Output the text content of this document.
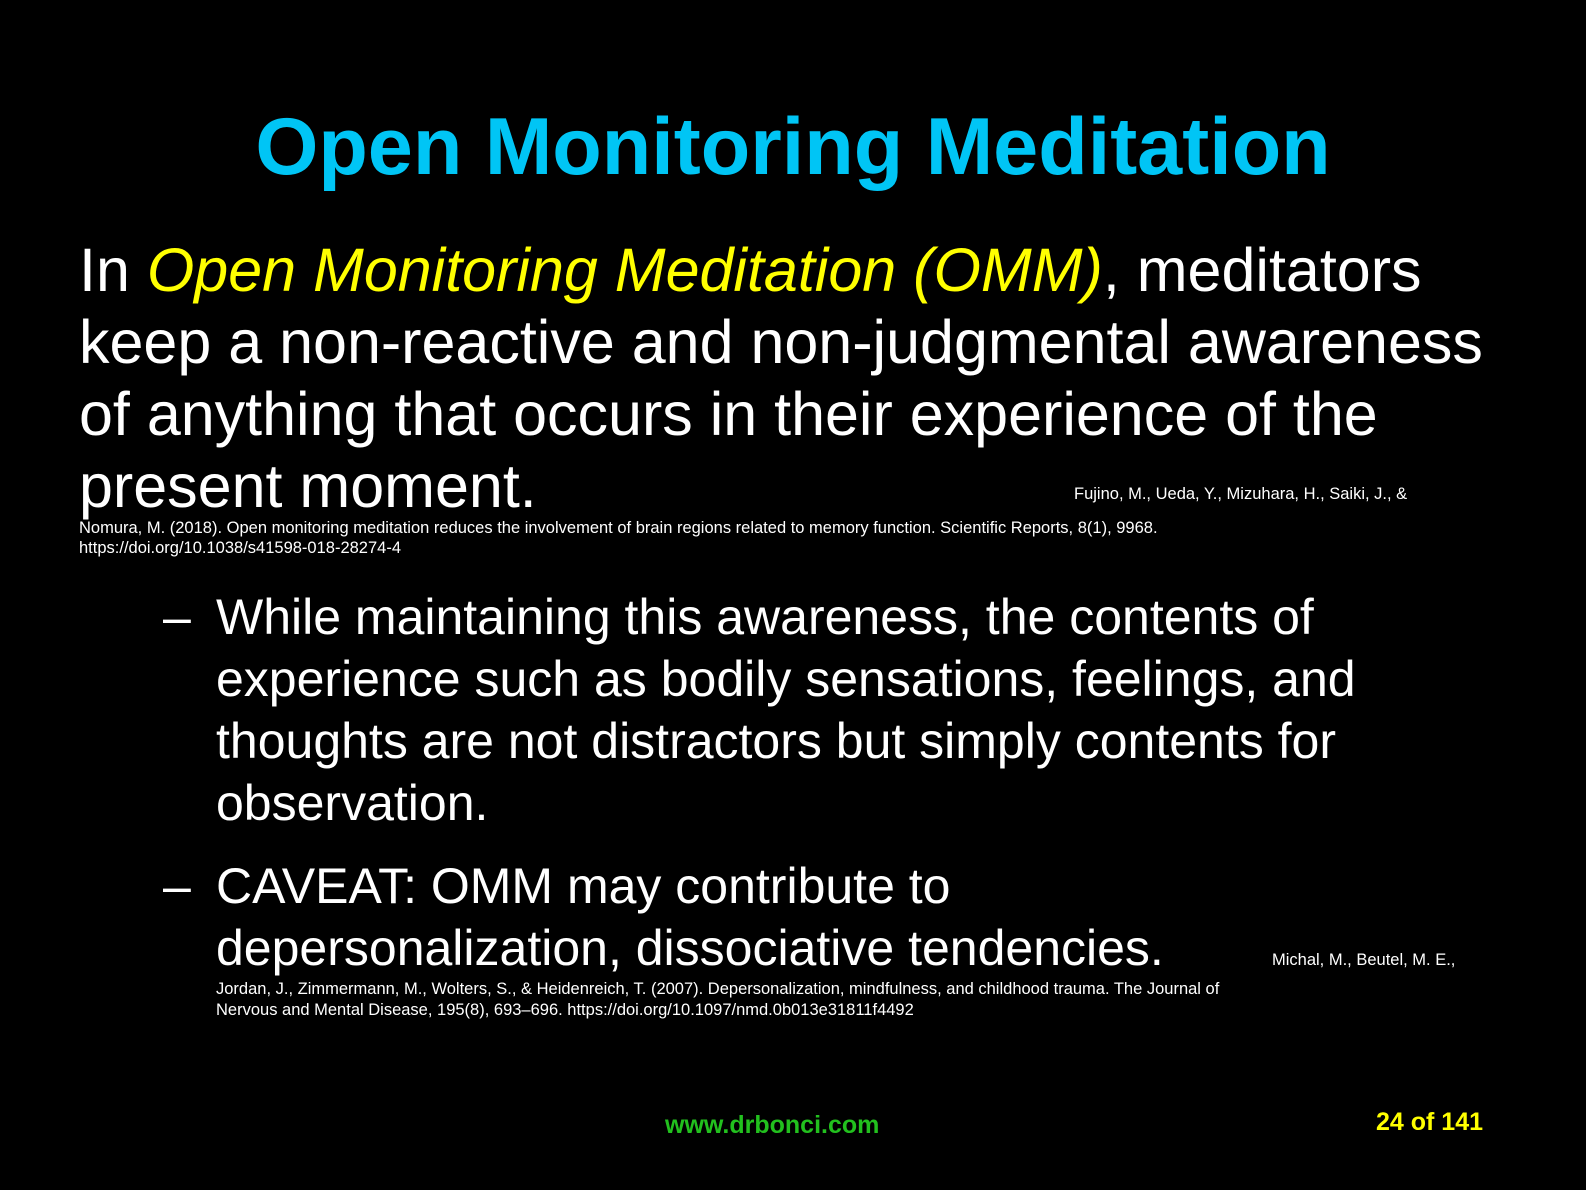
Open Monitoring Meditation
In Open Monitoring Meditation (OMM), meditators keep a non-reactive and non-judgmental awareness of anything that occurs in their experience of the present moment.	Fujino, M., Ueda, Y., Mizuhara, H., Saiki, J., &
Nomura, M. (2018). Open monitoring meditation reduces the involvement of brain regions related to memory function. Scientific Reports, 8(1), 9968.
https://doi.org/10.1038/s41598-018-28274-4
– While maintaining this awareness, the contents of experience such as bodily sensations, feelings, and thoughts are not distractors but simply contents for observation.
– CAVEAT: OMM may contribute to
depersonalization, dissociative tendencies.	Michal, M., Beutel, M. E.,
Jordan, J., Zimmermann, M., Wolters, S., & Heidenreich, T. (2007). Depersonalization, mindfulness, and childhood trauma. The Journal of
Nervous and Mental Disease, 195(8), 693–696. https://doi.org/10.1097/nmd.0b013e31811f4492
www.drbonci.com	24 of 141
